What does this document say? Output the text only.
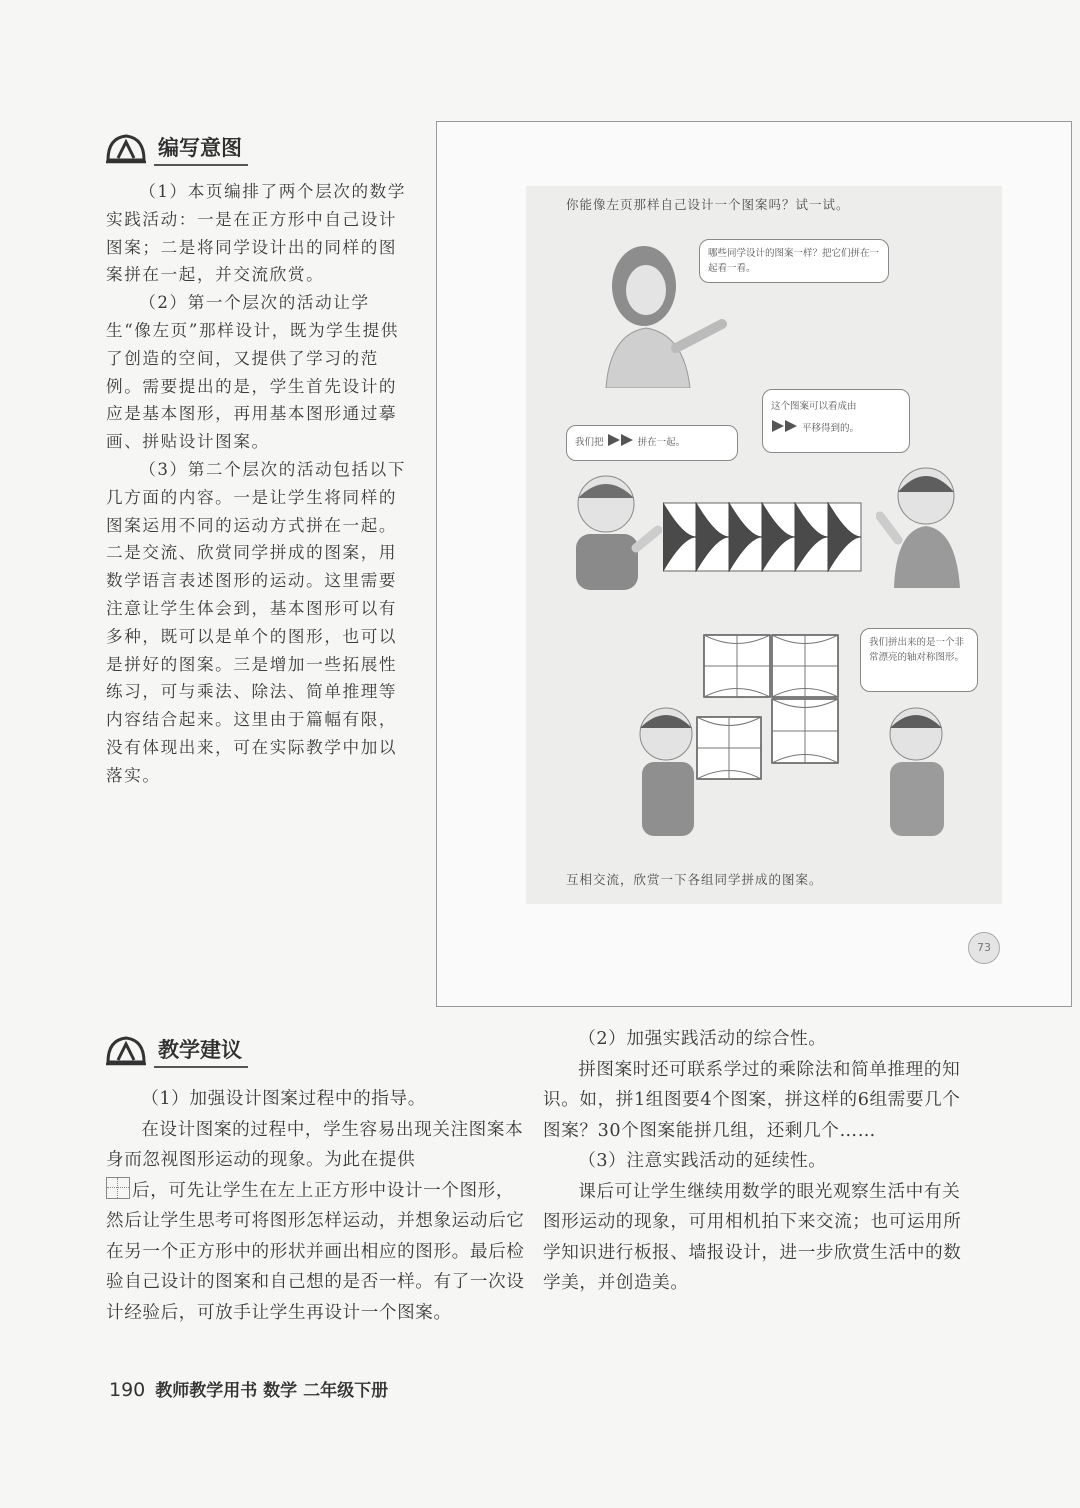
编写意图

（1）本页编排了两个层次的数学实践活动：一是在正方形中自己设计图案；二是将同学设计出的同样的图案拼在一起，并交流欣赏。

（2）第一个层次的活动让学生“像左页”那样设计，既为学生提供了创造的空间，又提供了学习的范例。需要提出的是，学生首先设计的应是基本图形，再用基本图形通过摹画、拼贴设计图案。

（3）第二个层次的活动包括以下几方面的内容。一是让学生将同样的图案运用不同的运动方式拼在一起。二是交流、欣赏同学拼成的图案，用数学语言表述图形的运动。这里需要注意让学生体会到，基本图形可以有多种，既可以是单个的图形，也可以是拼好的图案。三是增加一些拓展性练习，可与乘法、除法、简单推理等内容结合起来。这里由于篇幅有限，没有体现出来，可在实际教学中加以落实。

你能像左页那样自己设计一个图案吗？试一试。
哪些同学设计的图案一样？把它们拼在一起看一看。
我们把	拼在一起。
这个图案可以看成由
平移得到的。
我们拼出来的是一个非常漂亮的轴对称图形。
互相交流，欣赏一下各组同学拼成的图案。
73
教学建议

（1）加强设计图案过程中的指导。

在设计图案的过程中，学生容易出现关注图案本身而忽视图形运动的现象。为此在提供

后，可先让学生在左上正方形中设计一个图形，然后让学生思考可将图形怎样运动，并想象运动后它在另一个正方形中的形状并画出相应的图形。最后检验自己设计的图案和自己想的是否一样。有了一次设计经验后，可放手让学生再设计一个图案。

（2）加强实践活动的综合性。

拼图案时还可联系学过的乘除法和简单推理的知识。如，拼1组图要4个图案，拼这样的6组需要几个图案？30个图案能拼几组，还剩几个……

（3）注意实践活动的延续性。

课后可让学生继续用数学的眼光观察生活中有关图形运动的现象，可用相机拍下来交流；也可运用所学知识进行板报、墙报设计，进一步欣赏生活中的数学美，并创造美。

190 教师教学用书 数学 二年级下册
